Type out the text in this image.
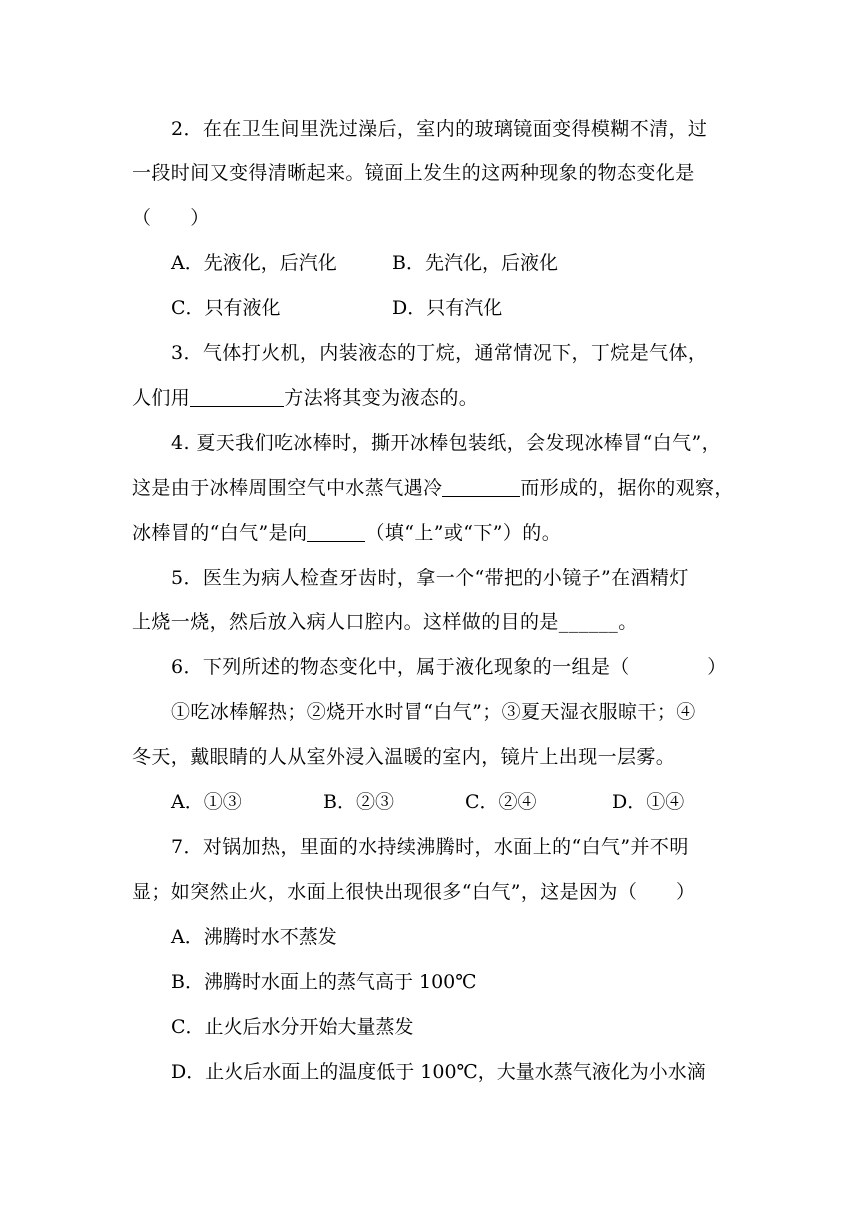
2．在在卫生间里洗过澡后，室内的玻璃镜面变得模糊不清，过
一段时间又变得清晰起来。镜面上发生的这两种现象的物态变化是
（　　）
A．先液化，后汽化	B．先汽化，后液化
C．只有液化	D．只有汽化
3．气体打火机，内装液态的丁烷，通常情况下，丁烷是气体，
人们用	方法将其变为液态的。
4. 夏天我们吃冰棒时，撕开冰棒包装纸，会发现冰棒冒“白气”，
这是由于冰棒周围空气中水蒸气遇冷	而形成的，据你的观察，
冰棒冒的“白气”是向	（填“上”或“下”）的。
5．医生为病人检查牙齿时，拿一个“带把的小镜子”在酒精灯
上烧一烧，然后放入病人口腔内。这样做的目的是______。
6．下列所述的物态变化中，属于液化现象的一组是（　　　　）
①吃冰棒解热；②烧开水时冒“白气”；③夏天湿衣服晾干；④
冬天，戴眼睛的人从室外浸入温暖的室内，镜片上出现一层雾。
A．①③	B．②③	C．②④	D．①④
7．对锅加热，里面的水持续沸腾时，水面上的“白气”并不明
显；如突然止火，水面上很快出现很多“白气”，这是因为（　　）
A．沸腾时水不蒸发
B．沸腾时水面上的蒸气高于 100℃
C．止火后水分开始大量蒸发
D．止火后水面上的温度低于 100℃，大量水蒸气液化为小水滴
